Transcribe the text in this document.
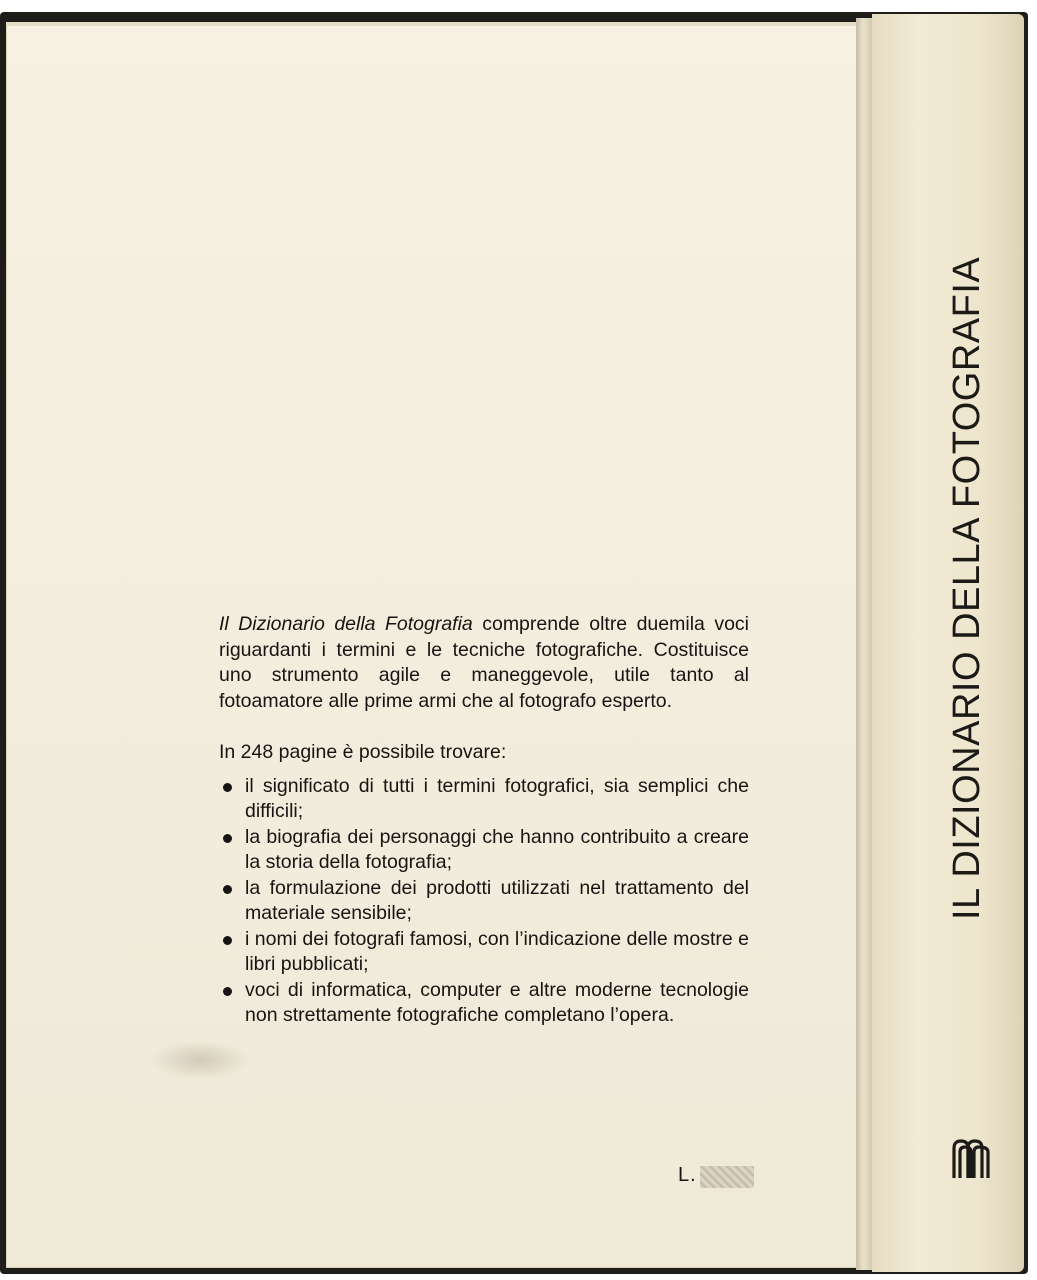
IL DIZIONARIO DELLA FOTOGRAFIA

Il Dizionario della Fotografia comprende oltre duemila voci riguardanti i termini e le tecniche fotografiche. Costituisce uno strumento agile e maneggevole, utile tanto al fotoamatore alle prime armi che al fotografo esperto.

In 248 pagine è possibile trovare:

il significato di tutti i termini fotografici, sia semplici che difficili;
la biografia dei personaggi che hanno contribuito a creare la storia della fotografia;
la formulazione dei prodotti utilizzati nel trattamento del materiale sensibile;
i nomi dei fotografi famosi, con l’indicazione delle mostre e libri pubblicati;
voci di informatica, computer e altre moderne tecnologie non strettamente fotografiche completano l’opera.
L.
